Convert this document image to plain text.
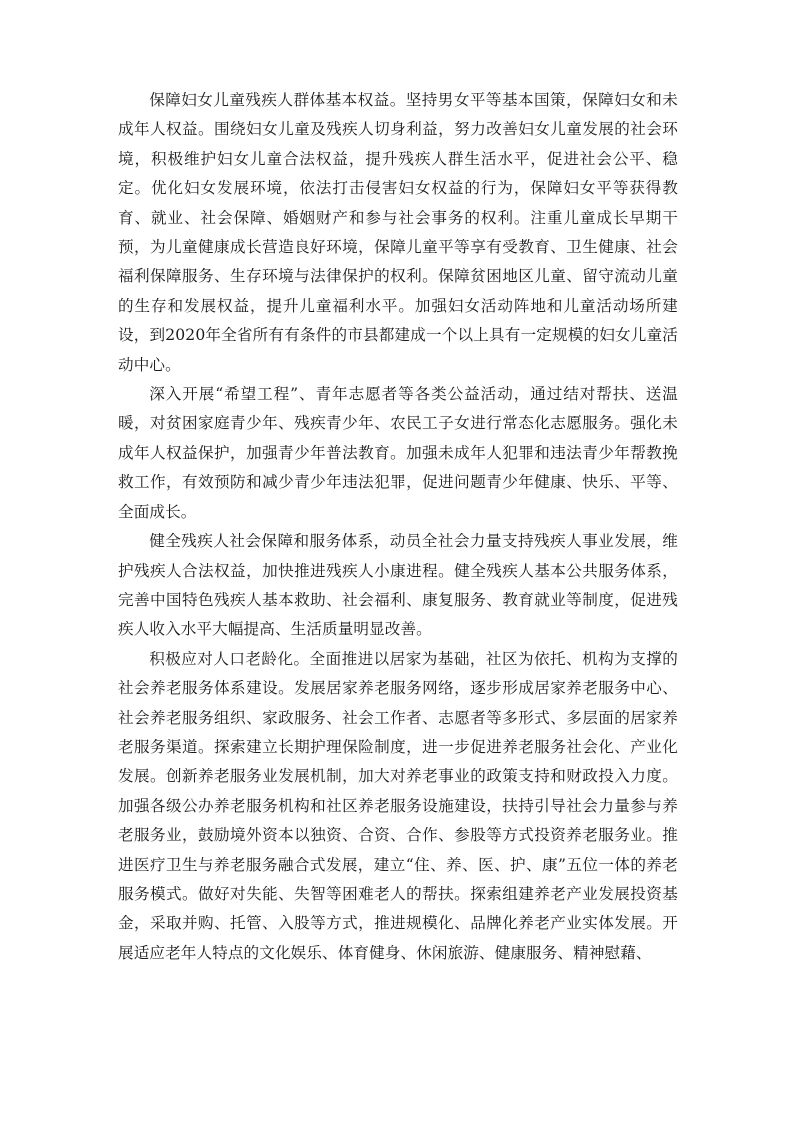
保障妇女儿童残疾人群体基本权益。坚持男女平等基本国策，保障妇女和未成年人权益。围绕妇女儿童及残疾人切身利益，努力改善妇女儿童发展的社会环境，积极维护妇女儿童合法权益，提升残疾人群生活水平，促进社会公平、稳定。优化妇女发展环境，依法打击侵害妇女权益的行为，保障妇女平等获得教育、就业、社会保障、婚姻财产和参与社会事务的权利。注重儿童成长早期干预，为儿童健康成长营造良好环境，保障儿童平等享有受教育、卫生健康、社会福利保障服务、生存环境与法律保护的权利。保障贫困地区儿童、留守流动儿童的生存和发展权益，提升儿童福利水平。加强妇女活动阵地和儿童活动场所建设，到2020年全省所有有条件的市县都建成一个以上具有一定规模的妇女儿童活动中心。

深入开展“希望工程”、青年志愿者等各类公益活动，通过结对帮扶、送温暖，对贫困家庭青少年、残疾青少年、农民工子女进行常态化志愿服务。强化未成年人权益保护，加强青少年普法教育。加强未成年人犯罪和违法青少年帮教挽救工作，有效预防和减少青少年违法犯罪，促进问题青少年健康、快乐、平等、全面成长。

健全残疾人社会保障和服务体系，动员全社会力量支持残疾人事业发展，维护残疾人合法权益，加快推进残疾人小康进程。健全残疾人基本公共服务体系，完善中国特色残疾人基本救助、社会福利、康复服务、教育就业等制度，促进残疾人收入水平大幅提高、生活质量明显改善。

积极应对人口老龄化。全面推进以居家为基础，社区为依托、机构为支撑的社会养老服务体系建设。发展居家养老服务网络，逐步形成居家养老服务中心、社会养老服务组织、家政服务、社会工作者、志愿者等多形式、多层面的居家养老服务渠道。探索建立长期护理保险制度，进一步促进养老服务社会化、产业化发展。创新养老服务业发展机制，加大对养老事业的政策支持和财政投入力度。加强各级公办养老服务机构和社区养老服务设施建设，扶持引导社会力量参与养老服务业，鼓励境外资本以独资、合资、合作、参股等方式投资养老服务业。推进医疗卫生与养老服务融合式发展，建立“住、养、医、护、康”五位一体的养老服务模式。做好对失能、失智等困难老人的帮扶。探索组建养老产业发展投资基金，采取并购、托管、入股等方式，推进规模化、品牌化养老产业实体发展。开展适应老年人特点的文化娱乐、体育健身、休闲旅游、健康服务、精神慰藉、
